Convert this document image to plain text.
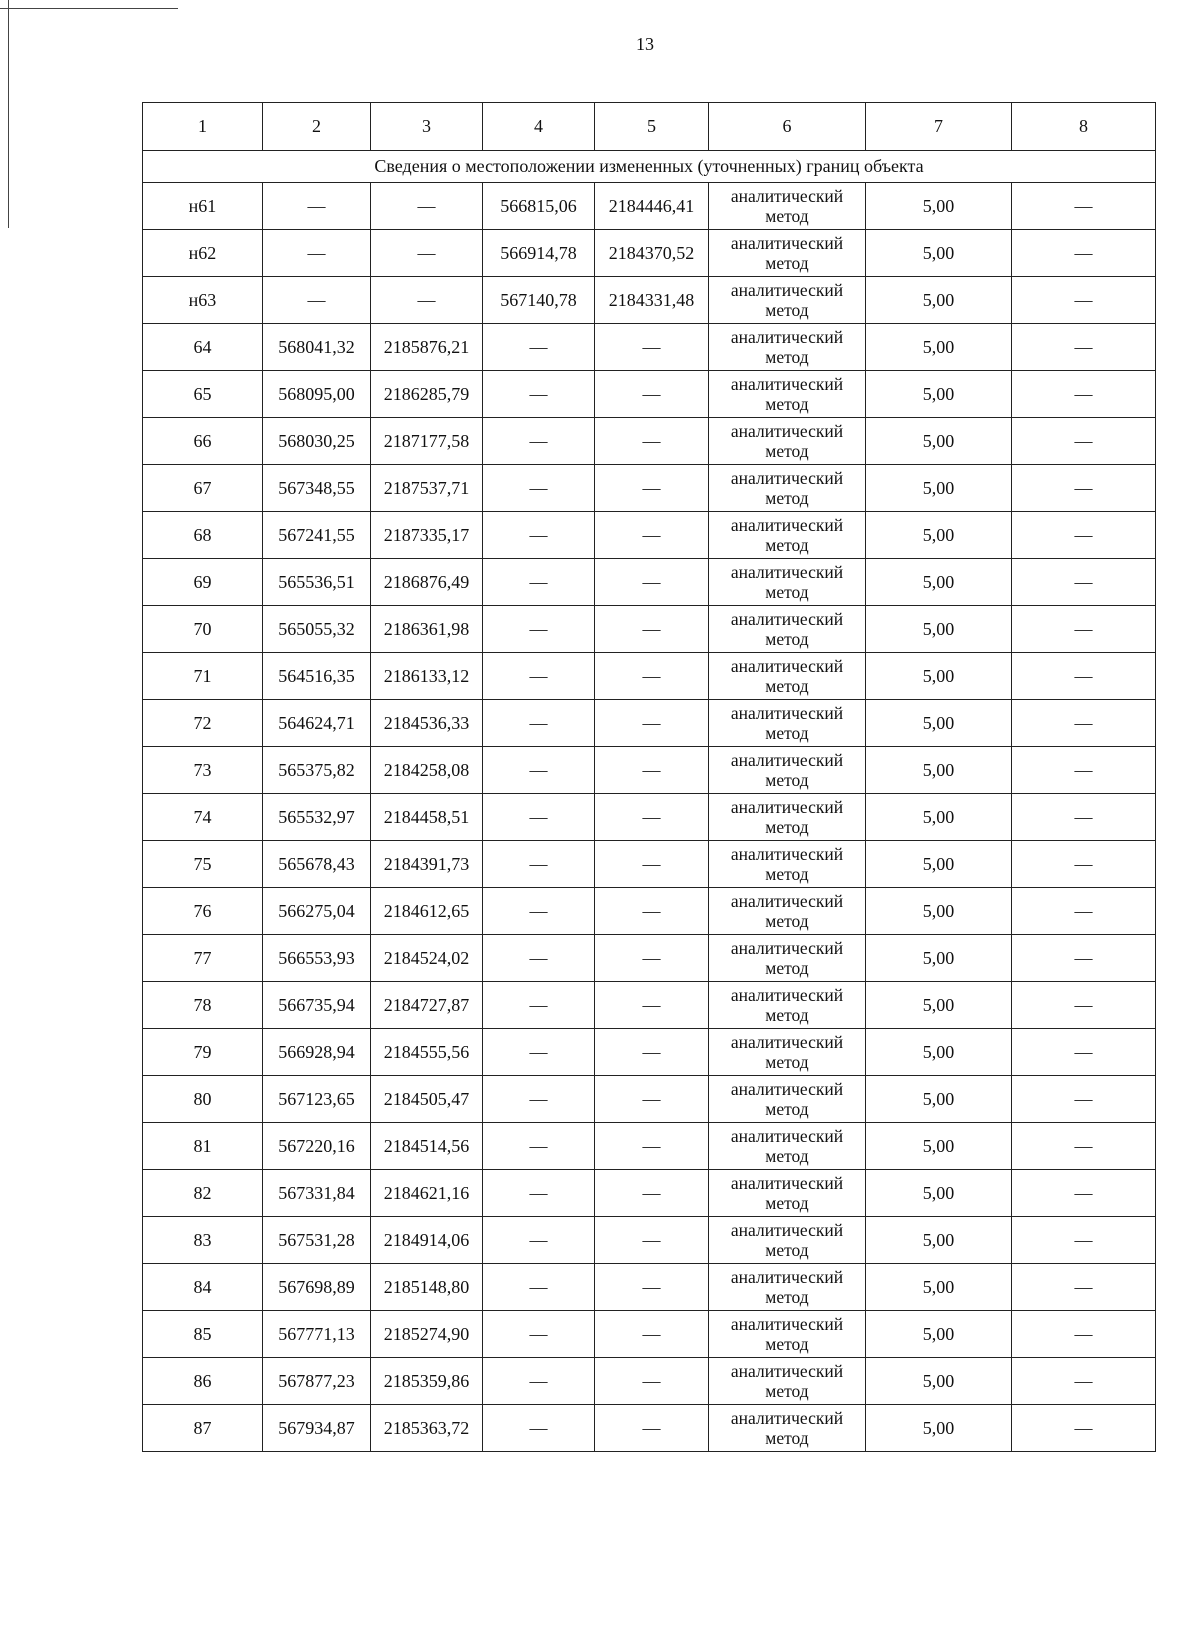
13
1	2	3	4	5	6	7	8
Сведения о местоположении измененных (уточненных) границ объекта							
н61	—	—	566815,06	2184446,41	аналитический метод	5,00	—
н62	—	—	566914,78	2184370,52	аналитический метод	5,00	—
н63	—	—	567140,78	2184331,48	аналитический метод	5,00	—
64	568041,32	2185876,21	—	—	аналитический метод	5,00	—
65	568095,00	2186285,79	—	—	аналитический метод	5,00	—
66	568030,25	2187177,58	—	—	аналитический метод	5,00	—
67	567348,55	2187537,71	—	—	аналитический метод	5,00	—
68	567241,55	2187335,17	—	—	аналитический метод	5,00	—
69	565536,51	2186876,49	—	—	аналитический метод	5,00	—
70	565055,32	2186361,98	—	—	аналитический метод	5,00	—
71	564516,35	2186133,12	—	—	аналитический метод	5,00	—
72	564624,71	2184536,33	—	—	аналитический метод	5,00	—
73	565375,82	2184258,08	—	—	аналитический метод	5,00	—
74	565532,97	2184458,51	—	—	аналитический метод	5,00	—
75	565678,43	2184391,73	—	—	аналитический метод	5,00	—
76	566275,04	2184612,65	—	—	аналитический метод	5,00	—
77	566553,93	2184524,02	—	—	аналитический метод	5,00	—
78	566735,94	2184727,87	—	—	аналитический метод	5,00	—
79	566928,94	2184555,56	—	—	аналитический метод	5,00	—
80	567123,65	2184505,47	—	—	аналитический метод	5,00	—
81	567220,16	2184514,56	—	—	аналитический метод	5,00	—
82	567331,84	2184621,16	—	—	аналитический метод	5,00	—
83	567531,28	2184914,06	—	—	аналитический метод	5,00	—
84	567698,89	2185148,80	—	—	аналитический метод	5,00	—
85	567771,13	2185274,90	—	—	аналитический метод	5,00	—
86	567877,23	2185359,86	—	—	аналитический метод	5,00	—
87	567934,87	2185363,72	—	—	аналитический метод	5,00	—
